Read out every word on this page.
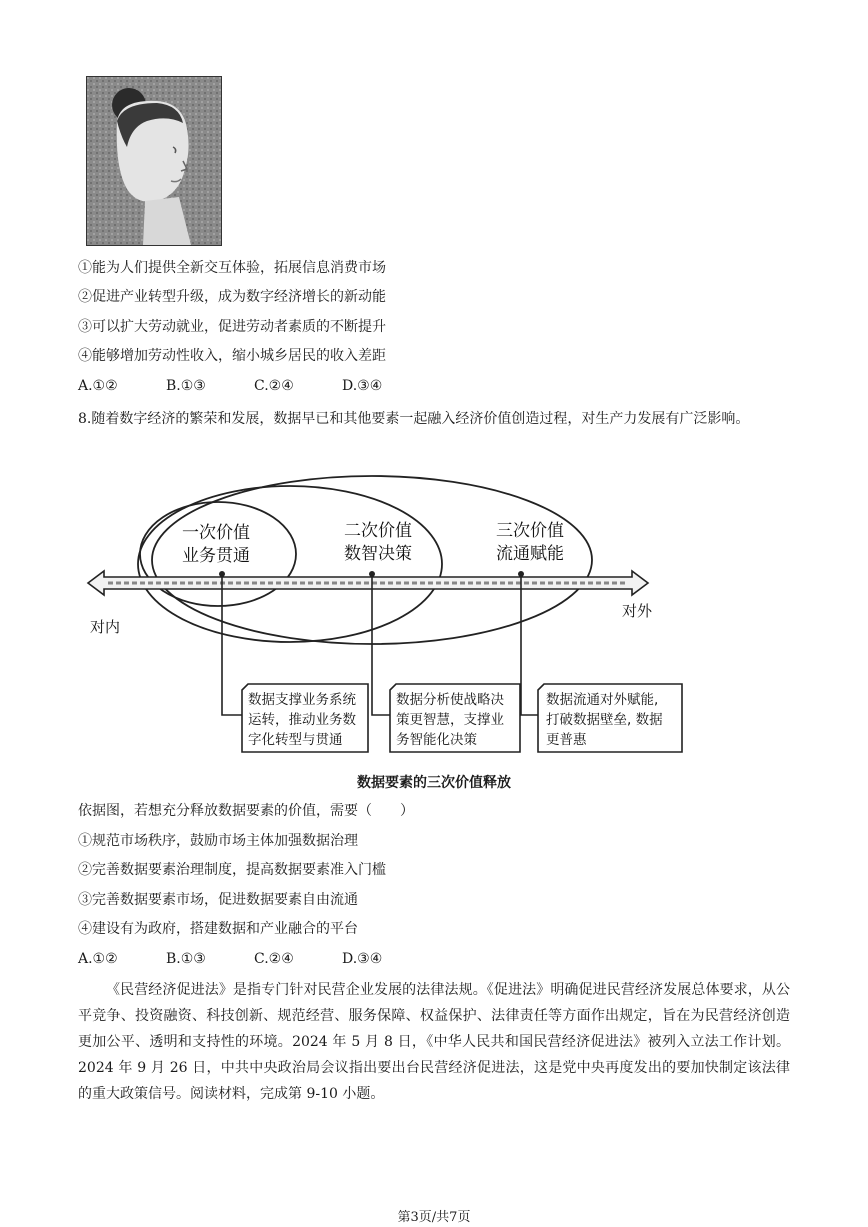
①能为人们提供全新交互体验，拓展信息消费市场
②促进产业转型升级，成为数字经济增长的新动能
③可以扩大劳动就业，促进劳动者素质的不断提升
④能够增加劳动性收入，缩小城乡居民的收入差距
A.①②	B.①③	C.②④	D.③④
8.随着数字经济的繁荣和发展，数据早已和其他要素一起融入经济价值创造过程，对生产力发展有广泛影响。
一次价值
业务贯通
二次价值
数智决策
三次价值
流通赋能
对内
对外
数据支撑业务系统
运转，推动业务数
字化转型与贯通
数据分析使战略决
策更智慧，支撑业
务智能化决策
数据流通对外赋能,
打破数据壁垒, 数据
更普惠
数据要素的三次价值释放
依据图，若想充分释放数据要素的价值，需要（　　）
①规范市场秩序，鼓励市场主体加强数据治理
②完善数据要素治理制度，提高数据要素准入门槛
③完善数据要素市场，促进数据要素自由流通
④建设有为政府，搭建数据和产业融合的平台
A.①②	B.①③	C.②④	D.③④
《民营经济促进法》是指专门针对民营企业发展的法律法规。《促进法》明确促进民营经济发展总体要求，从公平竞争、投资融资、科技创新、规范经营、服务保障、权益保护、法律责任等方面作出规定，旨在为民营经济创造更加公平、透明和支持性的环境。2024 年 5 月 8 日，《中华人民共和国民营经济促进法》被列入立法工作计划。2024 年 9 月 26 日，中共中央政治局会议指出要出台民营经济促进法，这是党中央再度发出的要加快制定该法律的重大政策信号。阅读材料，完成第 9-10 小题。
第3页/共7页
